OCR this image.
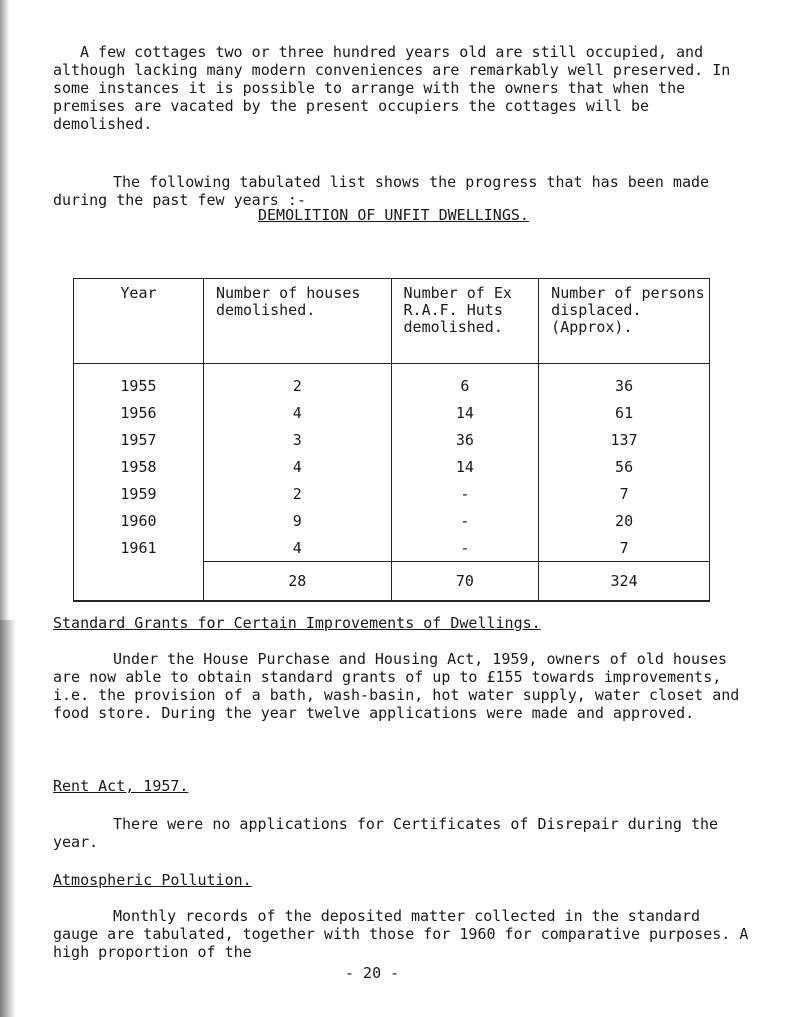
A few cottages two or three hundred years old are still occupied, and although lacking many modern conveniences are remarkably well preserved. In some instances it is possible to arrange with the owners that when the premises are vacated by the present occupiers the cottages will be demolished.

The following tabulated list shows the progress that has been made during the past few years :-

DEMOLITION OF UNFIT DWELLINGS.

Year	Number of houses demolished.	Number of Ex R.A.F. Huts demolished.	Number of persons displaced. (Approx).
1955	2	6	36
1956	4	14	61
1957	3	36	137
1958	4	14	56
1959	2	-	7
1960	9	-	20
1961	4	-	7
	28	70	324

Standard Grants for Certain Improvements of Dwellings.

Under the House Purchase and Housing Act, 1959, owners of old houses are now able to obtain standard grants of up to £155 towards improvements, i.e. the provision of a bath, wash-basin, hot water supply, water closet and food store. During the year twelve applications were made and approved.

Rent Act, 1957.

There were no applications for Certificates of Disrepair during the year.

Atmospheric Pollution.

Monthly records of the deposited matter collected in the standard gauge are tabulated, together with those for 1960 for comparative purposes. A high proportion of the

- 20 -
